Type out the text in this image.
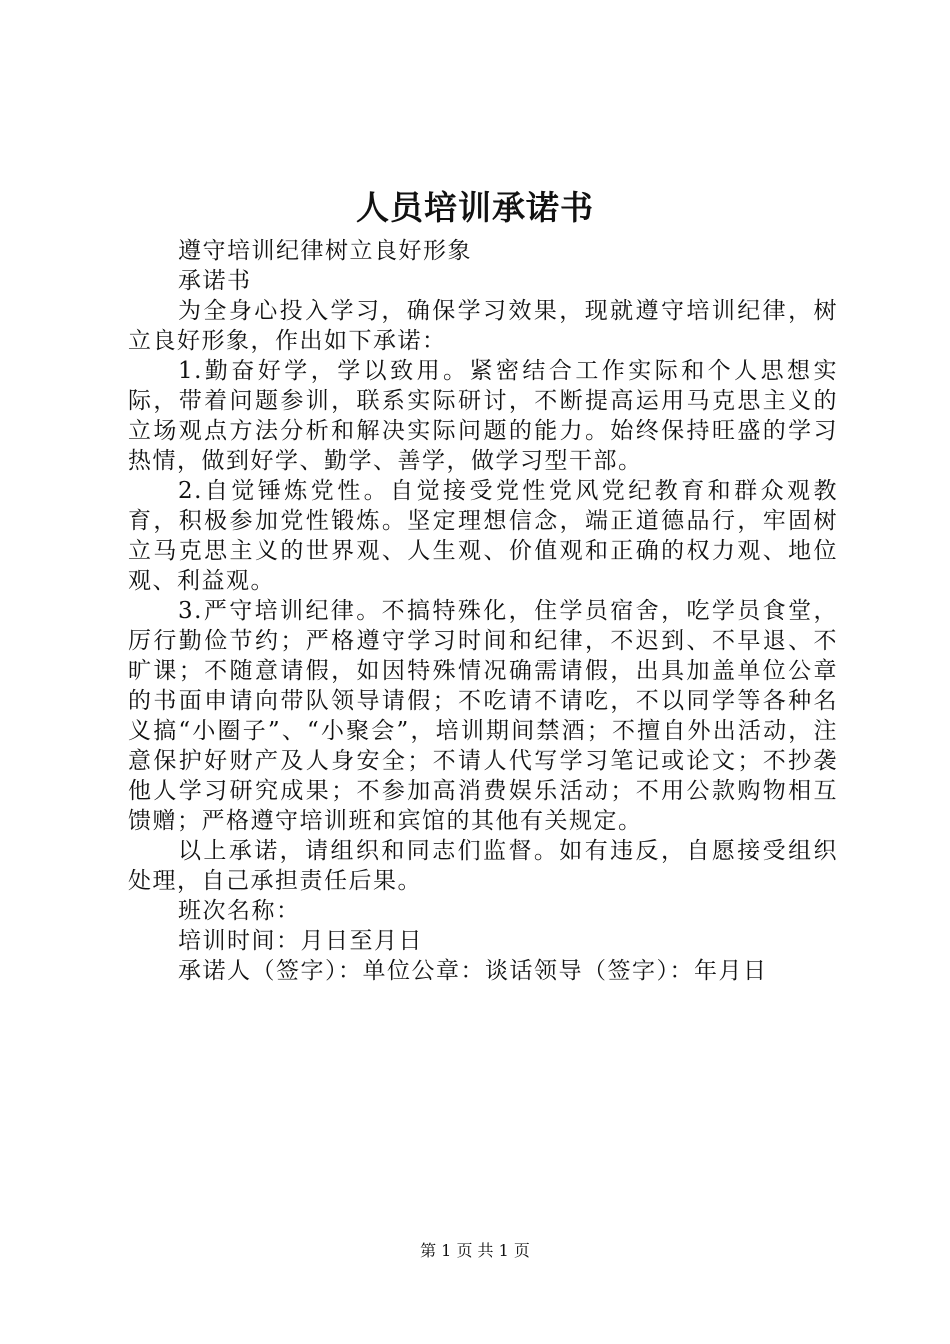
人员培训承诺书

遵守培训纪律树立良好形象

承诺书

为全身心投入学习，确保学习效果，现就遵守培训纪律，树立良好形象，作出如下承诺：

1.勤奋好学，学以致用。紧密结合工作实际和个人思想实际，带着问题参训，联系实际研讨，不断提高运用马克思主义的立场观点方法分析和解决实际问题的能力。始终保持旺盛的学习热情，做到好学、勤学、善学，做学习型干部。

2.自觉锤炼党性。自觉接受党性党风党纪教育和群众观教育，积极参加党性锻炼。坚定理想信念，端正道德品行，牢固树立马克思主义的世界观、人生观、价值观和正确的权力观、地位观、利益观。

3.严守培训纪律。不搞特殊化，住学员宿舍，吃学员食堂，厉行勤俭节约；严格遵守学习时间和纪律，不迟到、不早退、不旷课；不随意请假，如因特殊情况确需请假，出具加盖单位公章的书面申请向带队领导请假；不吃请不请吃，不以同学等各种名义搞“小圈子”、“小聚会”，培训期间禁酒；不擅自外出活动，注意保护好财产及人身安全；不请人代写学习笔记或论文；不抄袭他人学习研究成果；不参加高消费娱乐活动；不用公款购物相互馈赠；严格遵守培训班和宾馆的其他有关规定。

以上承诺，请组织和同志们监督。如有违反，自愿接受组织处理，自己承担责任后果。

班次名称：

培训时间：月日至月日

承诺人（签字）：单位公章：谈话领导（签字）：年月日

第 1 页 共 1 页
